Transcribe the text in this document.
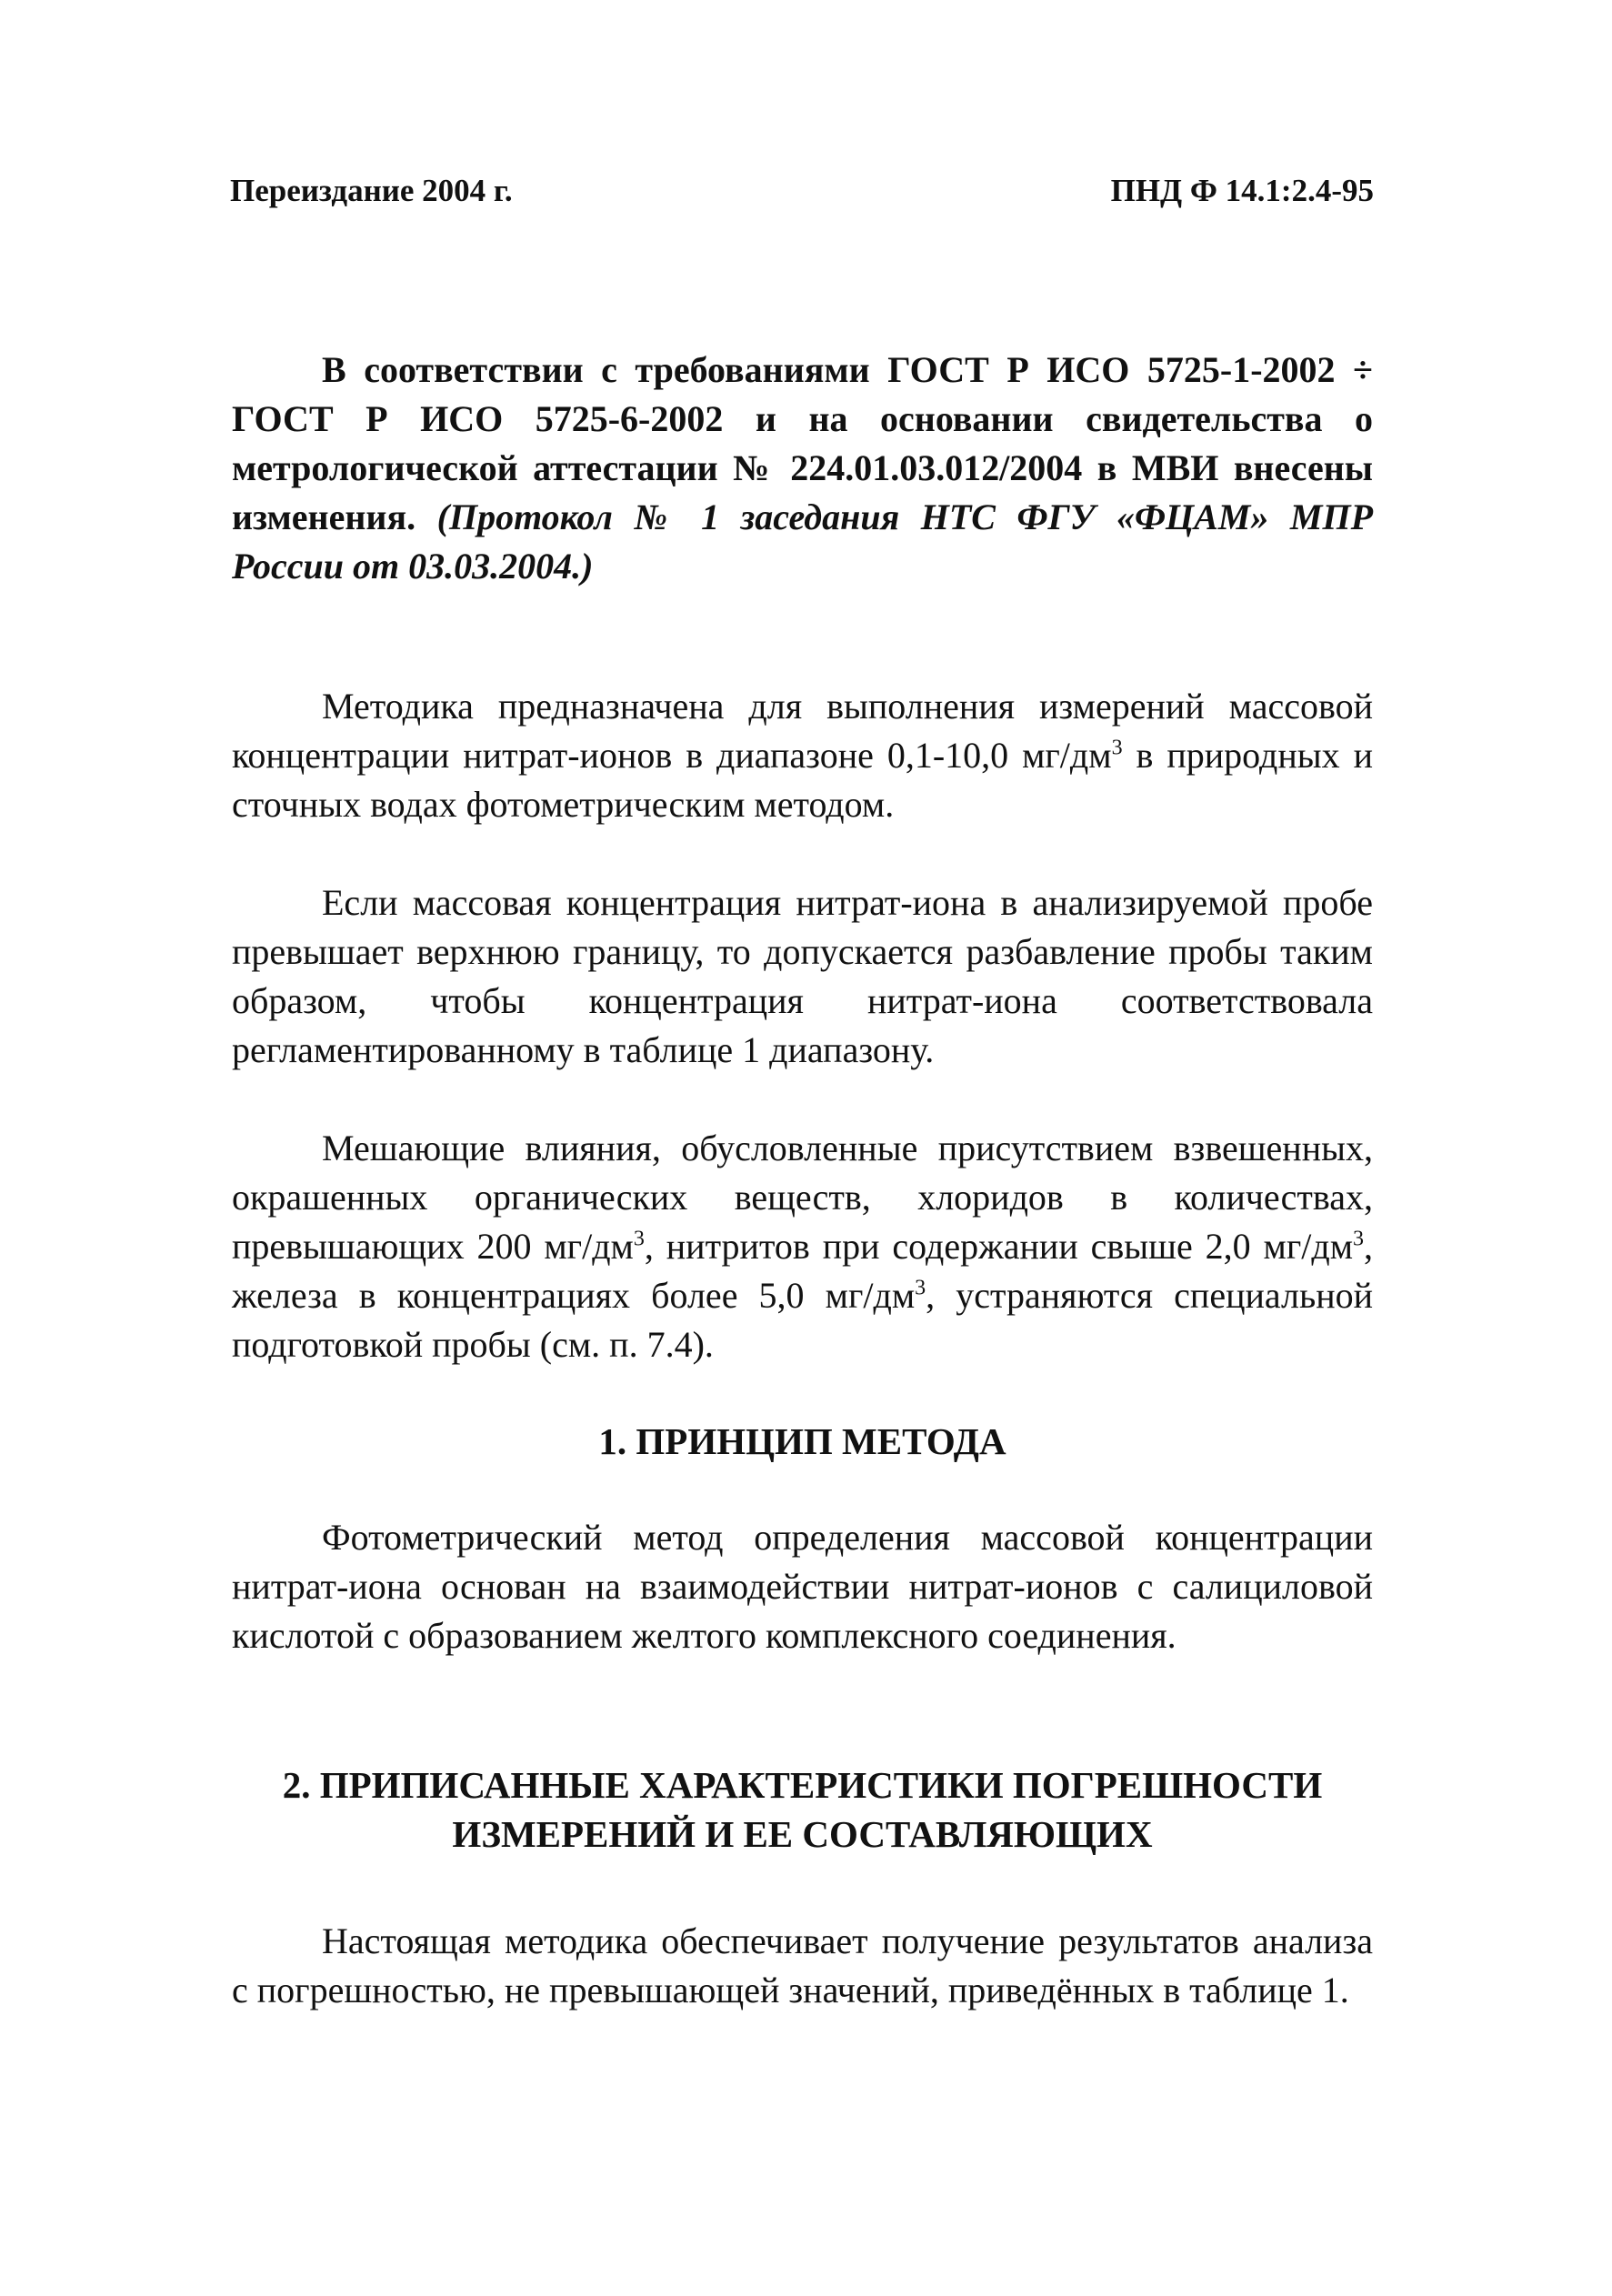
Переиздание 2004 г.	ПНД Ф 14.1:2.4-95

В соответствии с требованиями ГОСТ Р ИСО 5725-1-2002 ÷ ГОСТ Р ИСО 5725-6-2002 и на основании свидетельства о метрологической аттестации № 224.01.03.012/2004 в МВИ внесены изменения. (Протокол № 1 заседания НТС ФГУ «ФЦАМ» МПР России от 03.03.2004.)

Методика предназначена для выполнения измерений массовой концентрации нитрат-ионов в диапазоне 0,1-10,0 $мг/дм^3$ в природных и сточных водах фотометрическим методом.

Если массовая концентрация нитрат-иона в анализируемой пробе превышает верхнюю границу, то допускается разбавление пробы таким образом, чтобы концентрация нитрат-иона соответствовала регламентированному в таблице 1 диапазону.

Мешающие влияния, обусловленные присутствием взвешенных, окрашенных органических веществ, хлоридов в количествах, превышающих 200 $мг/дм^3$, нитритов при содержании свыше 2,0 $мг/дм^3$, железа в концентрациях более 5,0 $мг/дм^3$, устраняются специальной подготовкой пробы (см. п. 7.4).

1. ПРИНЦИП МЕТОДА

Фотометрический метод определения массовой концентрации нитрат-иона основан на взаимодействии нитрат-ионов с салициловой кислотой с образованием желтого комплексного соединения.

2. ПРИПИСАННЫЕ ХАРАКТЕРИСТИКИ ПОГРЕШНОСТИ
ИЗМЕРЕНИЙ И ЕЕ СОСТАВЛЯЮЩИХ

Настоящая методика обеспечивает получение результатов анализа с погрешностью, не превышающей значений, приведённых в таблице 1.
